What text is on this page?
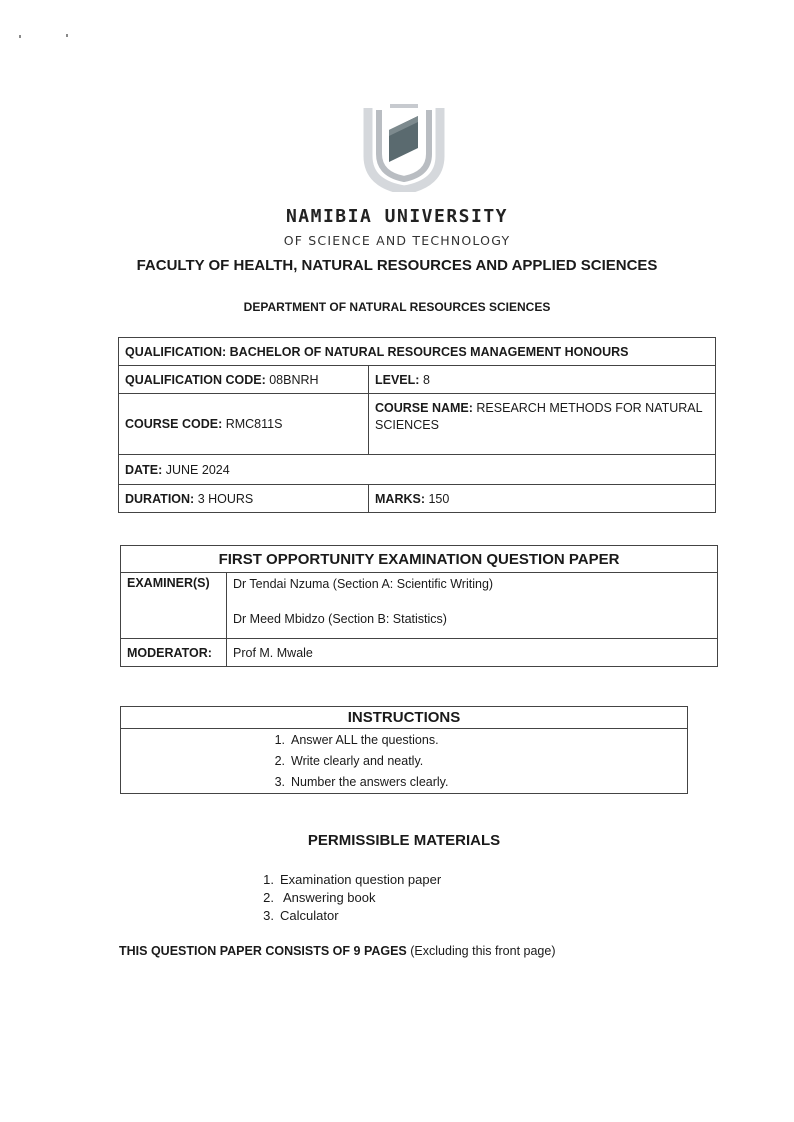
NAMIBIA UNIVERSITY
OF SCIENCE AND TECHNOLOGY
FACULTY OF HEALTH, NATURAL RESOURCES AND APPLIED SCIENCES
DEPARTMENT OF NATURAL RESOURCES SCIENCES
QUALIFICATION: BACHELOR OF NATURAL RESOURCES MANAGEMENT HONOURS	
QUALIFICATION CODE: 08BNRH	LEVEL: 8
COURSE CODE: RMC811S	COURSE NAME: RESEARCH METHODS FOR NATURAL SCIENCES
DATE: JUNE 2024	
DURATION: 3 HOURS	MARKS: 150
FIRST OPPORTUNITY EXAMINATION QUESTION PAPER	
EXAMINER(S)	Dr Tendai Nzuma (Section A: Scientific Writing)
Dr Meed Mbidzo (Section B: Statistics)

MODERATOR:	Prof M. Mwale
INSTRUCTIONS

1. Answer ALL the questions.
2. Write clearly and neatly.
3. Number the answers clearly.
PERMISSIBLE MATERIALS
1. Examination question paper
2. Answering book
3. Calculator
THIS QUESTION PAPER CONSISTS OF 9 PAGES (Excluding this front page)
